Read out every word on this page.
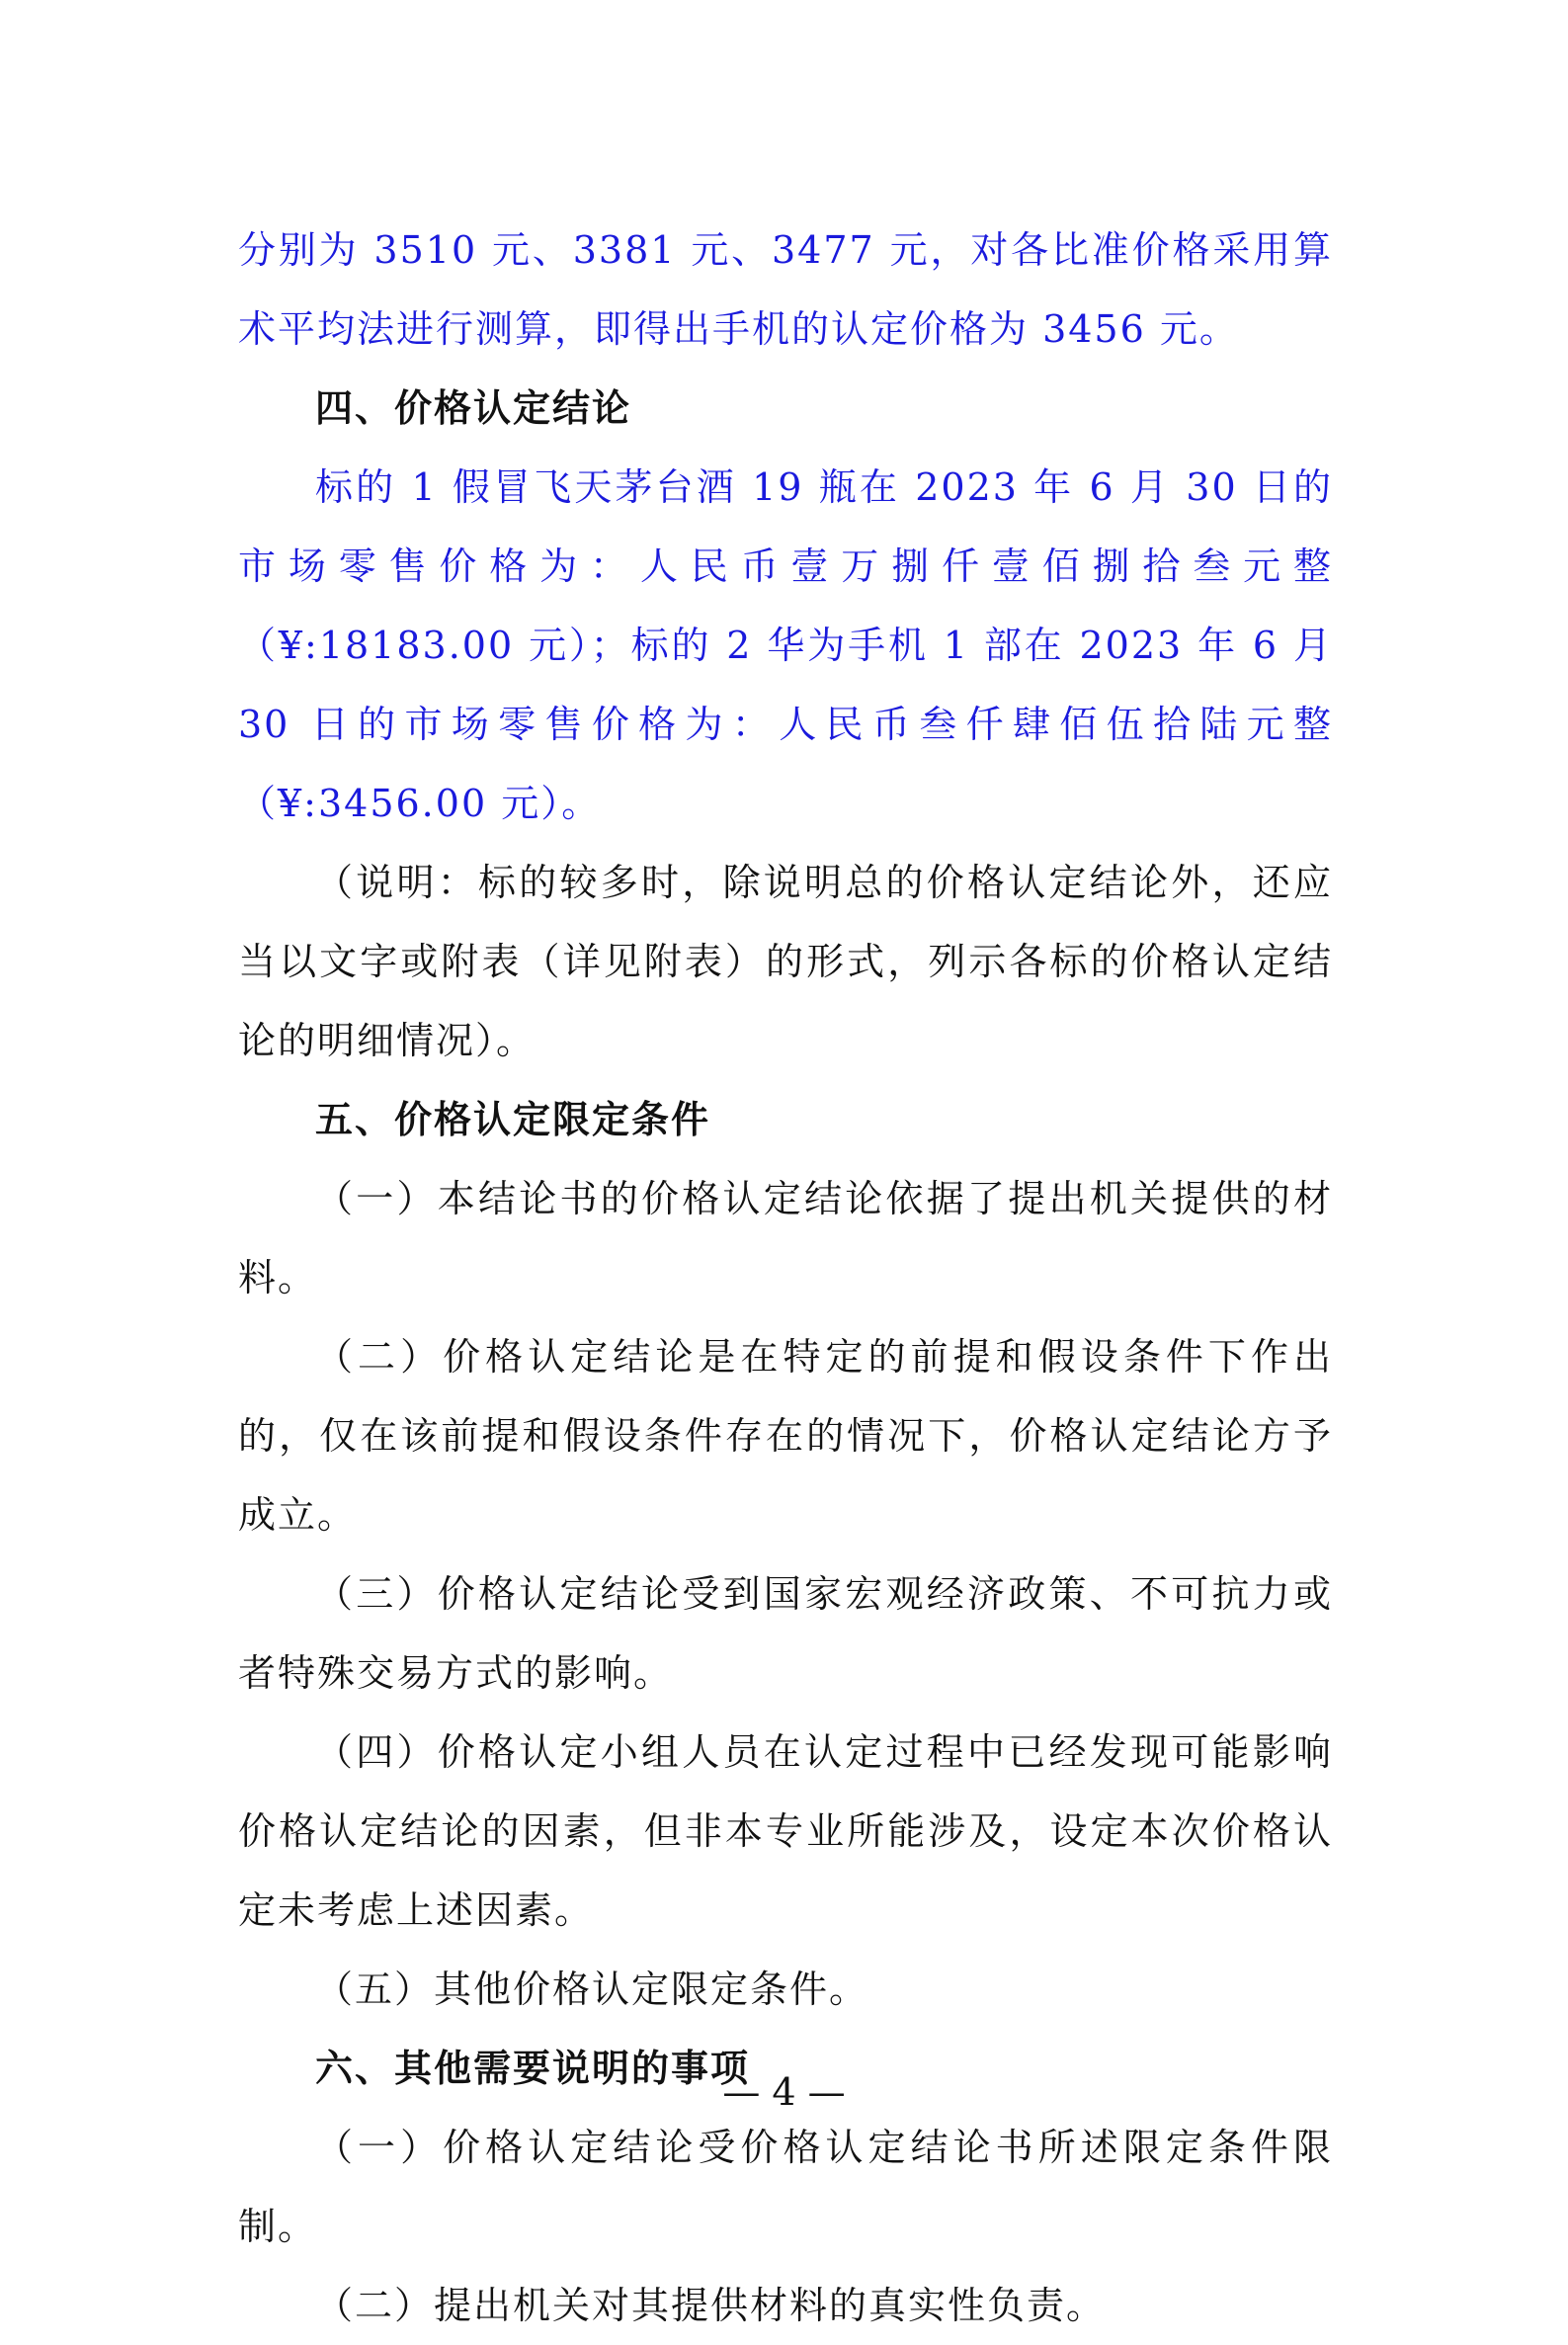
分别为 3510 元、3381 元、3477 元，对各比准价格采用算术平均法进行测算，即得出手机的认定价格为 3456 元。

四、价格认定结论

标的 1 假冒飞天茅台酒 19 瓶在 2023 年 6 月 30 日的市场零售价格为：人民币壹万捌仟壹佰捌拾叁元整（¥:18183.00 元）；标的 2 华为手机 1 部在 2023 年 6 月 30 日的市场零售价格为：人民币叁仟肆佰伍拾陆元整（¥:3456.00 元）。

（说明：标的较多时，除说明总的价格认定结论外，还应当以文字或附表（详见附表）的形式，列示各标的价格认定结论的明细情况）。

五、价格认定限定条件

（一）本结论书的价格认定结论依据了提出机关提供的材料。

（二）价格认定结论是在特定的前提和假设条件下作出的，仅在该前提和假设条件存在的情况下，价格认定结论方予成立。

（三）价格认定结论受到国家宏观经济政策、不可抗力或者特殊交易方式的影响。

（四）价格认定小组人员在认定过程中已经发现可能影响价格认定结论的因素，但非本专业所能涉及，设定本次价格认定未考虑上述因素。

（五）其他价格认定限定条件。

六、其他需要说明的事项

（一）价格认定结论受价格认定结论书所述限定条件限制。

（二）提出机关对其提供材料的真实性负责。

— 4 —
